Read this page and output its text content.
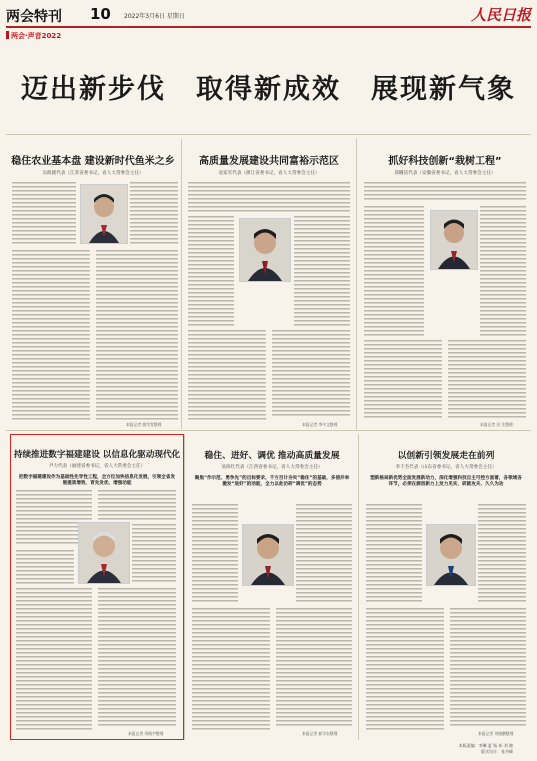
两会特刊 10 2022年3月6日 星期日	人民日报
两会·声音2022
迈出新步伐 取得新成效 展现新气象
稳住农业基本盘 建设新时代鱼米之乡
吴政隆代表（江苏省委书记，省人大常委会主任）
本报记者 姚雪青整理
高质量发展建设共同富裕示范区
袁家军代表（浙江省委书记，省人大常委会主任）
本报记者 李中文整理
抓好科技创新“栽树工程”
郑栅洁代表（安徽省委书记，省人大常委会主任）
本报记者 田 先整理
持续推进数字福建建设 以信息化驱动现代化
尹力代表（福建省委书记，省人大常委会主任）
把数字福建建设作为基础性先导性工程，全方位加快信息化发展，引领全省发展提质增效、育先发优、增强动能
本报记者 刘晓宇整理
稳住、进好、调优 推动高质量发展
易炼红代表（江西省委书记，省人大常委会主任）
聚焦“作示范、勇争先”的目标要求，千方百计夯实“稳住”的基础，多措并举激发“进好”的动能，全力以赴访研“调优”的态势
本报记者 郝学东整理
以创新引领发展走在前列
李干杰代表（山东省委书记，省人大常委会主任）
塑新格局新优势全面发展新动力，深化增强科技自主可控方面着，各领域各环节，必须在源创新力上发力见实，研就攻关、久久为功
本报记者 刘晓鹏整理
本版责编：李琳 夏 杨 祁 刘 晓
版式设计：张丹峰
